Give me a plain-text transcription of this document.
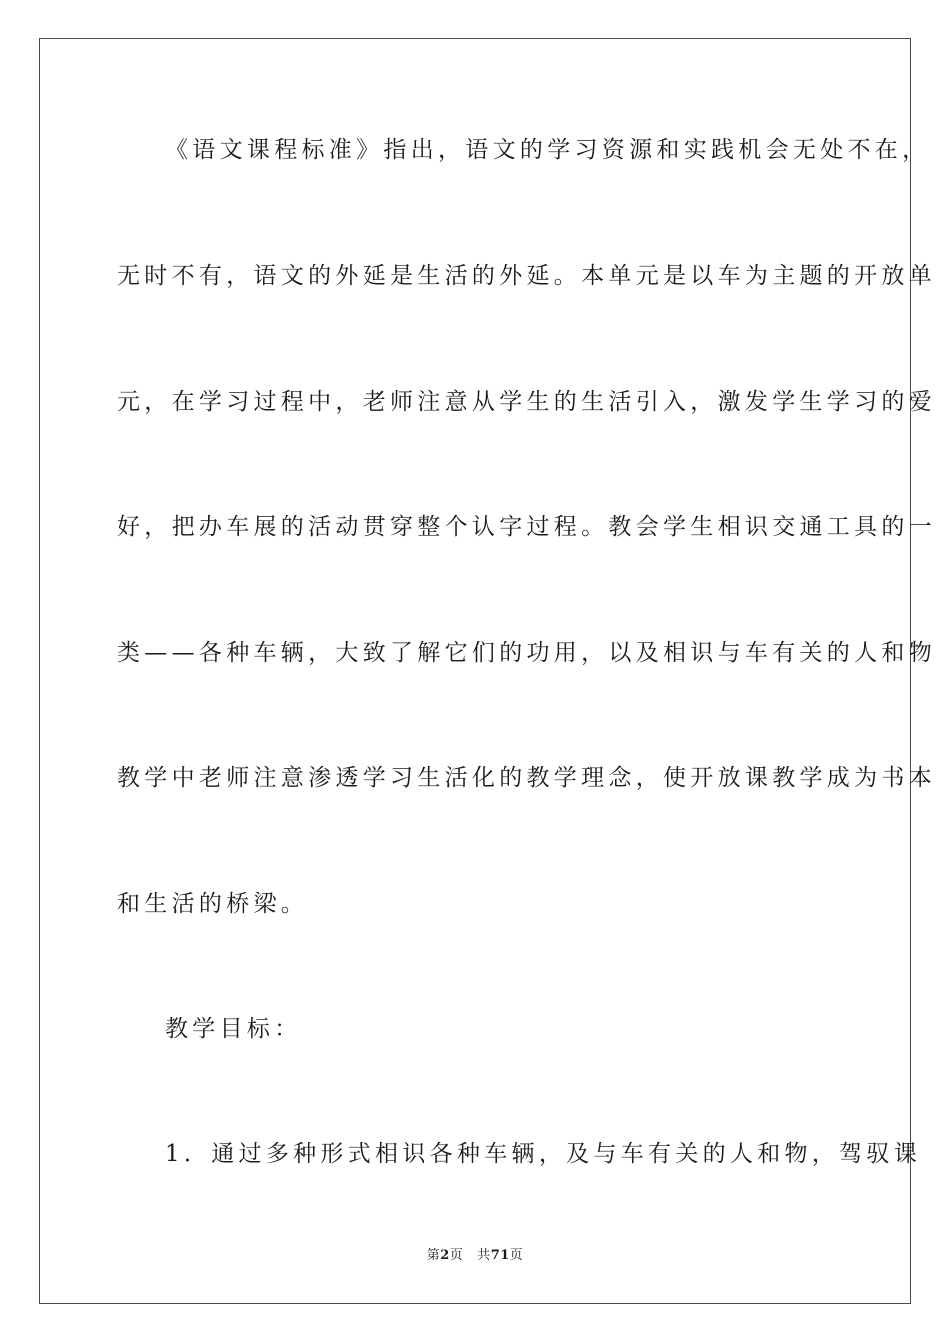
《语文课程标准》指出，语文的学习资源和实践机会无处不在，
无时不有，语文的外延是生活的外延。本单元是以车为主题的开放单
元，在学习过程中，老师注意从学生的生活引入，激发学生学习的爱
好，把办车展的活动贯穿整个认字过程。教会学生相识交通工具的一
类——各种车辆，大致了解它们的功用，以及相识与车有关的人和物
教学中老师注意渗透学习生活化的教学理念，使开放课教学成为书本
和生活的桥梁。
教学目标：
1．通过多种形式相识各种车辆，及与车有关的人和物，驾驭课
第2页 共71页
